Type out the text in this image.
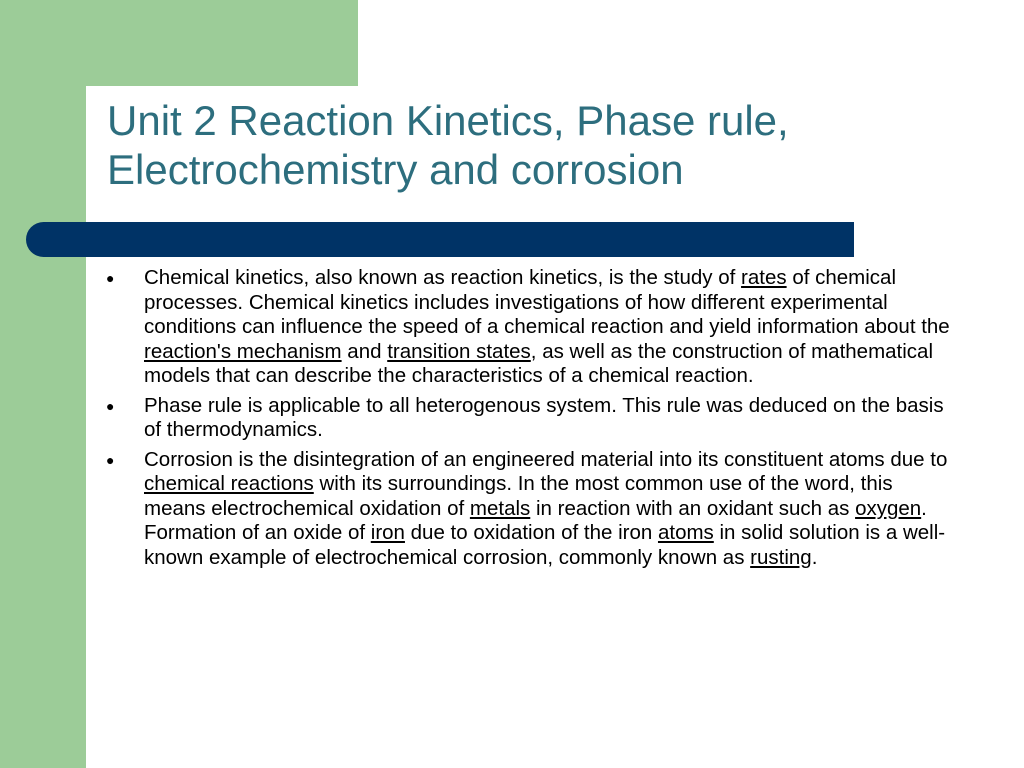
Unit 2 Reaction Kinetics, Phase rule,
Electrochemistry and corrosion
● Chemical kinetics, also known as reaction kinetics, is the study of rates of chemical processes. Chemical kinetics includes investigations of how different experimental conditions can influence the speed of a chemical reaction and yield information about the reaction's mechanism and transition states, as well as the construction of mathematical models that can describe the characteristics of a chemical reaction.
● Phase rule is applicable to all heterogenous system. This rule was deduced on the basis of thermodynamics.
● Corrosion is the disintegration of an engineered material into its constituent atoms due to chemical reactions with its surroundings. In the most common use of the word, this means electrochemical oxidation of metals in reaction with an oxidant such as oxygen. Formation of an oxide of iron due to oxidation of the iron atoms in solid solution is a well-known example of electrochemical corrosion, commonly known as rusting.
